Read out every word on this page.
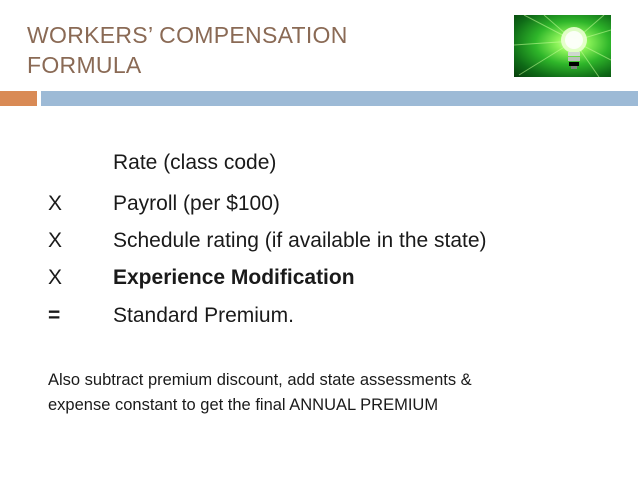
WORKERS’ COMPENSATION
FORMULA
Rate (class code)
X Payroll (per $100)
X Schedule rating (if available in the state)
X Experience Modification
=	Standard Premium.
Also subtract premium discount, add state assessments &
expense constant to get the final ANNUAL PREMIUM
